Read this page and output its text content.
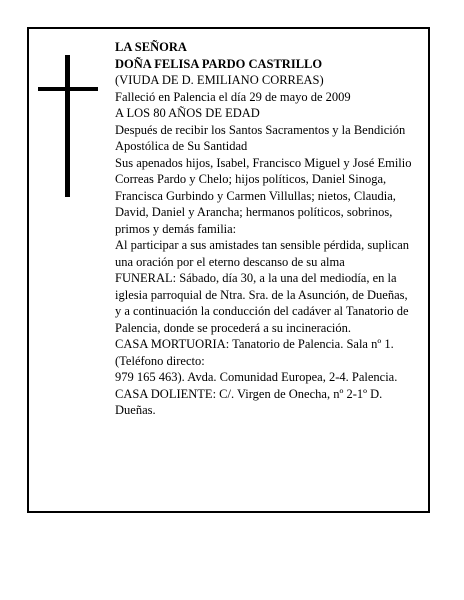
LA SEÑORA
DOÑA FELISA PARDO CASTRILLO
(VIUDA DE D. EMILIANO CORREAS)
Falleció en Palencia el día 29 de mayo de 2009
A LOS 80 AÑOS DE EDAD
Después de recibir los Santos Sacramentos y la Bendición Apostólica de Su Santidad
Sus apenados hijos, Isabel, Francisco Miguel y José Emilio Correas Pardo y Chelo; hijos políticos, Daniel Sinoga, Francisca Gurbindo y Carmen Villullas; nietos, Claudia, David, Daniel y Arancha; hermanos políticos, sobrinos, primos y demás familia:
Al participar a sus amistades tan sensible pérdida, suplican una oración por el eterno descanso de su alma
FUNERAL: Sábado, día 30, a la una del mediodía, en la iglesia parroquial de Ntra. Sra. de la Asunción, de Dueñas, y a continuación la conducción del cadáver al Tanatorio de Palencia, donde se procederá a su incineración.
CASA MORTUORIA: Tanatorio de Palencia. Sala nº 1. (Teléfono directo:
979 165 463). Avda. Comunidad Europea, 2-4. Palencia.
CASA DOLIENTE: C/. Virgen de Onecha, nº 2-1º D. Dueñas.
